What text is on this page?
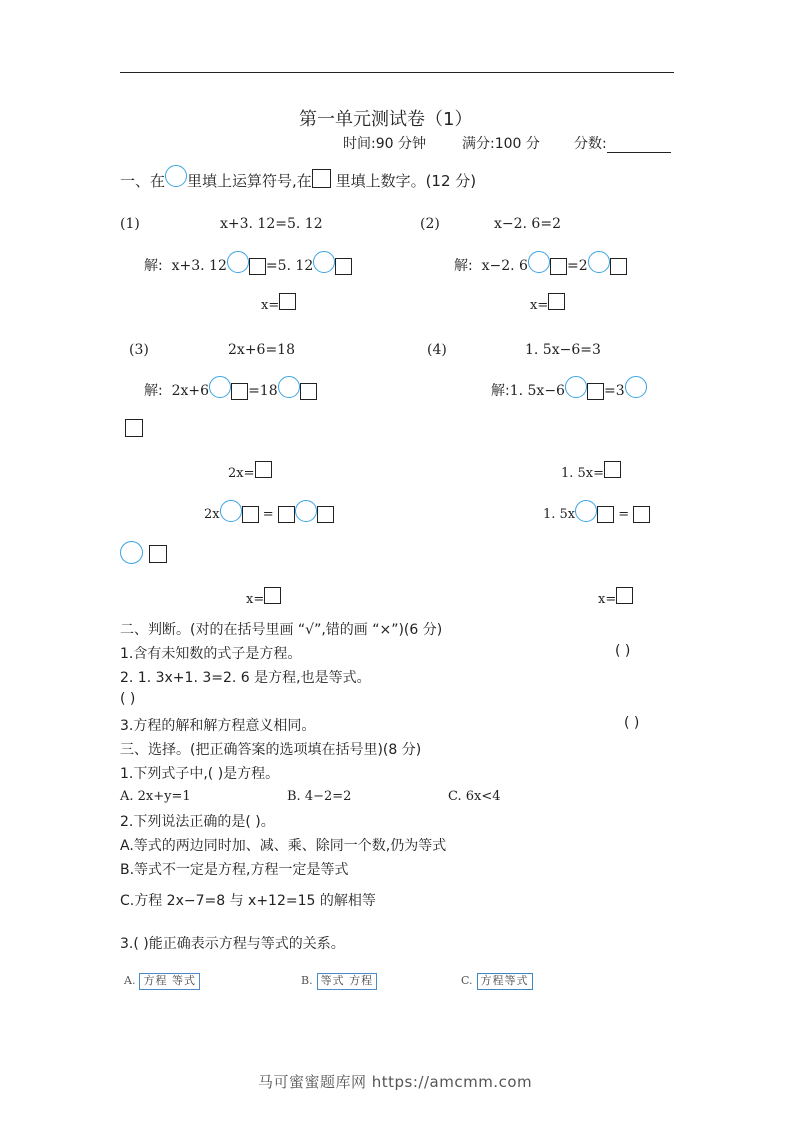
第一单元测试卷（1）
时间:90 分钟	满分:100 分 分数:
一、在 里填上运算符号,在 里填上数字。(12 分)
(1)	x+3. 12=5. 12
解: x+3. 12	=5. 12
x=
(2)	x−2. 6=2
解: x−2. 6	=2
x=
(3)	2x+6=18
解: 2x+6	=18
2x=
2x	=
x=
(4)	1. 5x−6=3
解:1. 5x−6	=3
1. 5x=
1. 5x	=
x=
二、判断。(对的在括号里画 “√”,错的画 “×”)(6 分)
1.含有未知数的式子是方程。	( )
2. 1. 3x+1. 3=2. 6 是方程,也是等式。
( )
3.方程的解和解方程意义相同。	( )
三、选择。(把正确答案的选项填在括号里)(8 分)
1.下列式子中,( )是方程。
A. 2x+y=1	B. 4−2=2	C. 6x<4
2.下列说法正确的是( )。
A.等式的两边同时加、减、乘、除同一个数,仍为等式
B.等式不一定是方程,方程一定是等式
C.方程 2x−7=8 与 x+12=15 的解相等
3.( )能正确表示方程与等式的关系。
A. 方程 等式	B. 等式 方程	C. 方程等式
马可蜜蜜题库网 https://amcmm.com
